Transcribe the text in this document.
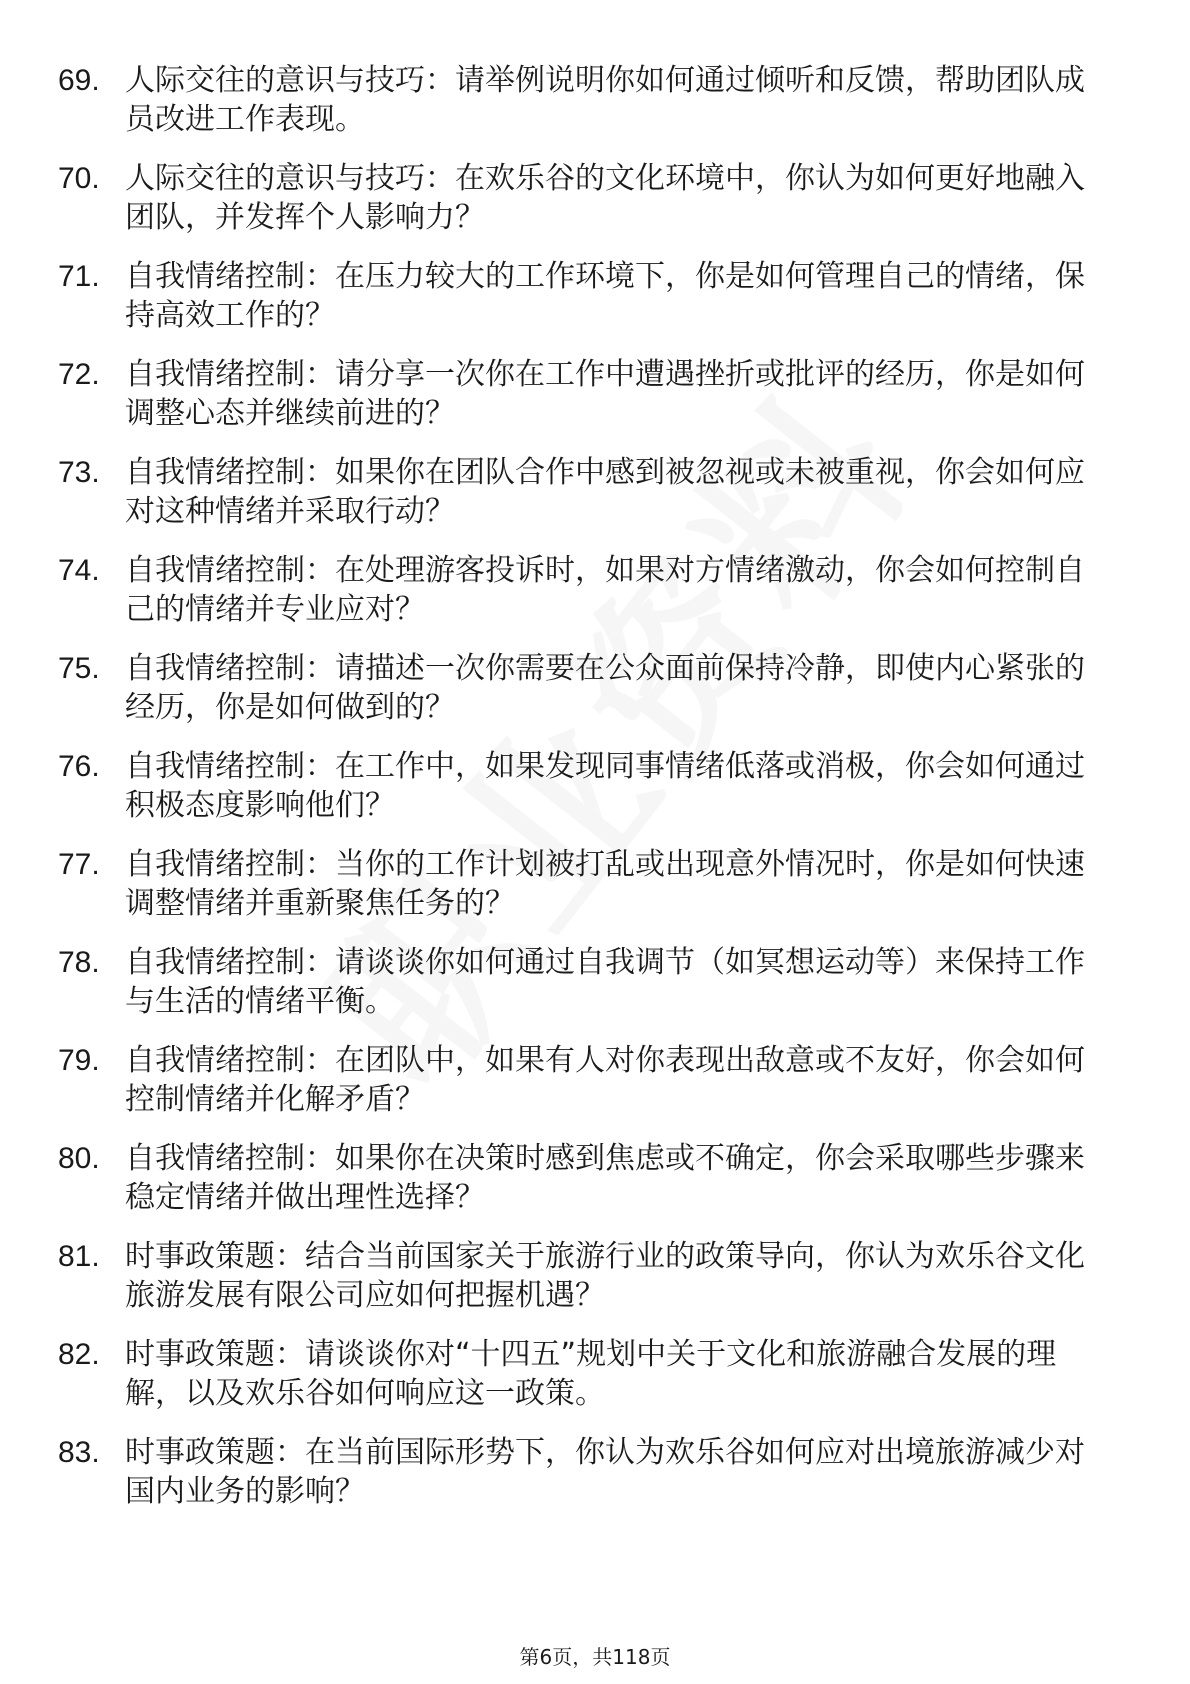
69. 人际交往的意识与技巧：请举例说明你如何通过倾听和反馈，帮助团队成员改进工作表现。
70. 人际交往的意识与技巧：在欢乐谷的文化环境中，你认为如何更好地融入团队，并发挥个人影响力？
71. 自我情绪控制：在压力较大的工作环境下，你是如何管理自己的情绪，保持高效工作的？
72. 自我情绪控制：请分享一次你在工作中遭遇挫折或批评的经历，你是如何调整心态并继续前进的？
73. 自我情绪控制：如果你在团队合作中感到被忽视或未被重视，你会如何应对这种情绪并采取行动？
74. 自我情绪控制：在处理游客投诉时，如果对方情绪激动，你会如何控制自己的情绪并专业应对？
75. 自我情绪控制：请描述一次你需要在公众面前保持冷静，即使内心紧张的经历，你是如何做到的？
76. 自我情绪控制：在工作中，如果发现同事情绪低落或消极，你会如何通过积极态度影响他们？
77. 自我情绪控制：当你的工作计划被打乱或出现意外情况时，你是如何快速调整情绪并重新聚焦任务的？
78. 自我情绪控制：请谈谈你如何通过自我调节（如冥想运动等）来保持工作与生活的情绪平衡。
79. 自我情绪控制：在团队中，如果有人对你表现出敌意或不友好，你会如何控制情绪并化解矛盾？
80. 自我情绪控制：如果你在决策时感到焦虑或不确定，你会采取哪些步骤来稳定情绪并做出理性选择？
81. 时事政策题：结合当前国家关于旅游行业的政策导向，你认为欢乐谷文化旅游发展有限公司应如何把握机遇？
82. 时事政策题：请谈谈你对“十四五”规划中关于文化和旅游融合发展的理解，以及欢乐谷如何响应这一政策。
83. 时事政策题：在当前国际形势下，你认为欢乐谷如何应对出境旅游减少对国内业务的影响？
第6页，共118页
